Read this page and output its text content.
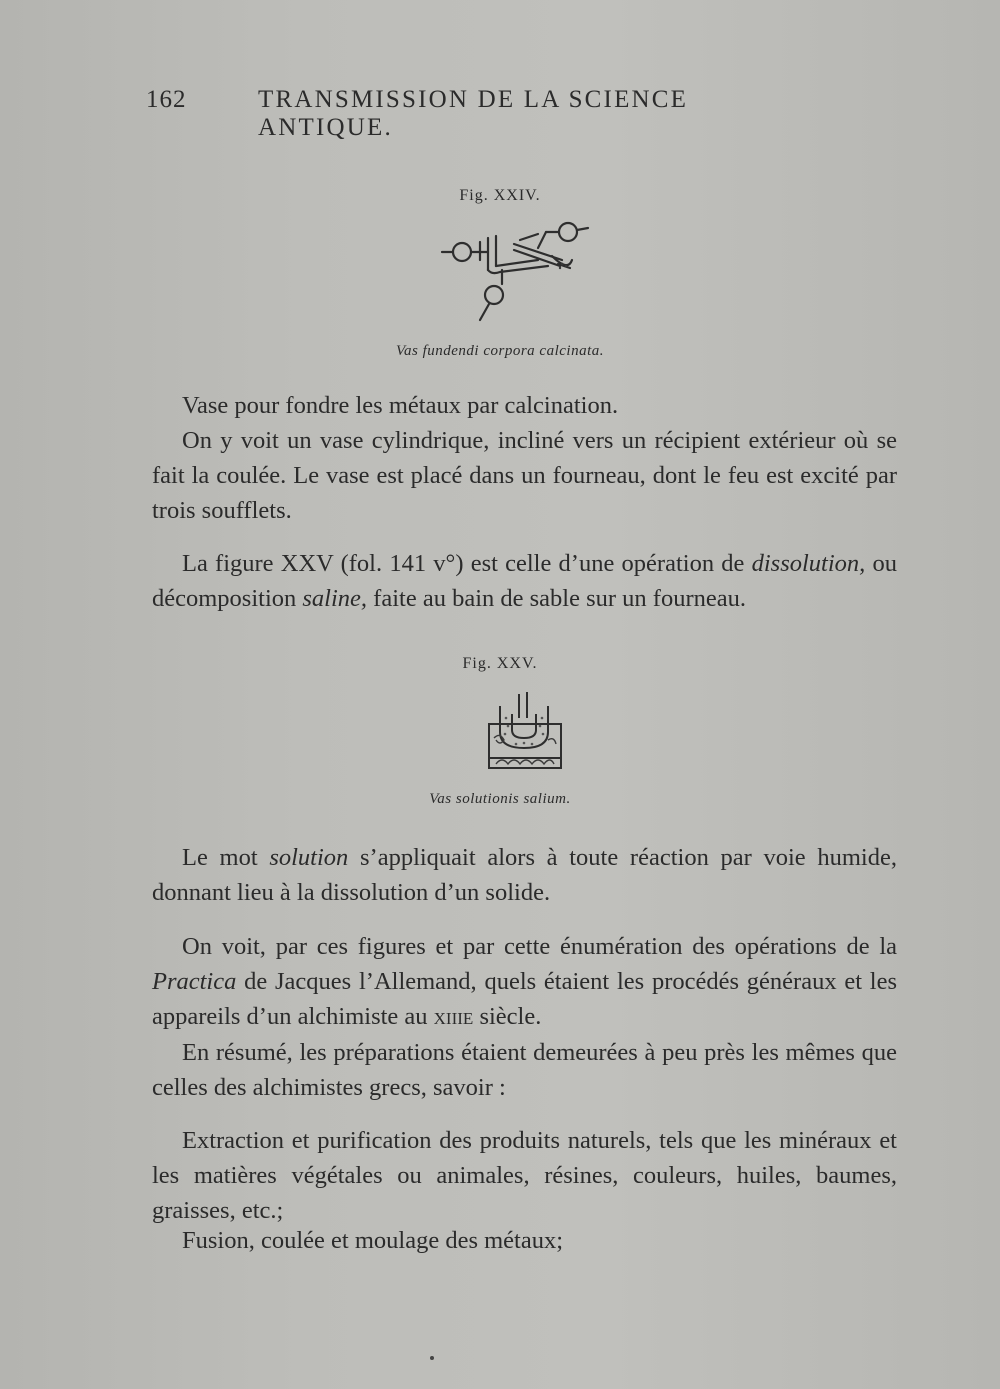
162	TRANSMISSION DE LA SCIENCE ANTIQUE.
Fig. XXIV.
Vas fundendi corpora calcinata.

Vase pour fondre les métaux par calcination.

On y voit un vase cylindrique, incliné vers un récipient extérieur où se fait la coulée. Le vase est placé dans un fourneau, dont le feu est excité par trois soufflets.

La figure XXV (fol. 141 v°) est celle d’une opération de dissolution, ou décomposition saline, faite au bain de sable sur un fourneau.

Fig. XXV.
Vas solutionis salium.

Le mot solution s’appliquait alors à toute réaction par voie humide, donnant lieu à la dissolution d’un solide.

On voit, par ces figures et par cette énumération des opérations de la Practica de Jacques l’Allemand, quels étaient les procédés généraux et les appareils d’un alchimiste au xiiie siècle.

En résumé, les préparations étaient demeurées à peu près les mêmes que celles des alchimistes grecs, savoir :

Extraction et purification des produits naturels, tels que les minéraux et les matières végétales ou animales, résines, couleurs, huiles, baumes, graisses, etc.;

Fusion, coulée et moulage des métaux;
